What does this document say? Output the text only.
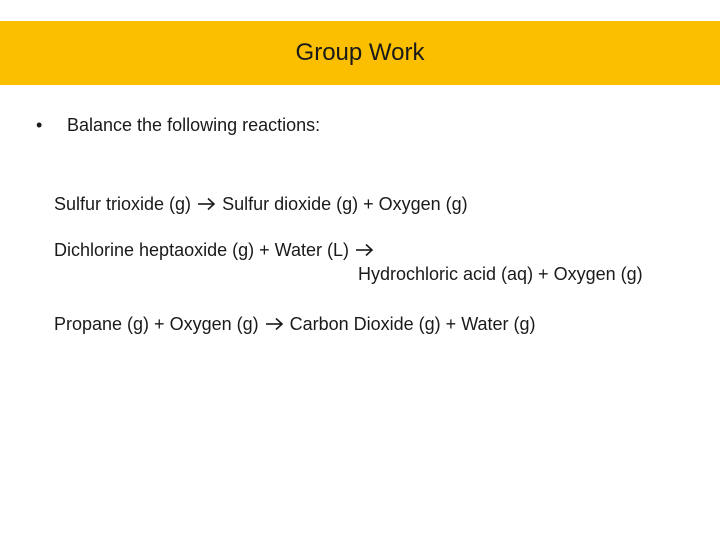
Group Work
• Balance the following reactions:
Sulfur trioxide (g) Sulfur dioxide (g) + Oxygen (g)
Dichlorine heptaoxide (g) + Water (L)
Hydrochloric acid (aq) + Oxygen (g)
Propane (g) + Oxygen (g) Carbon Dioxide (g) + Water (g)
